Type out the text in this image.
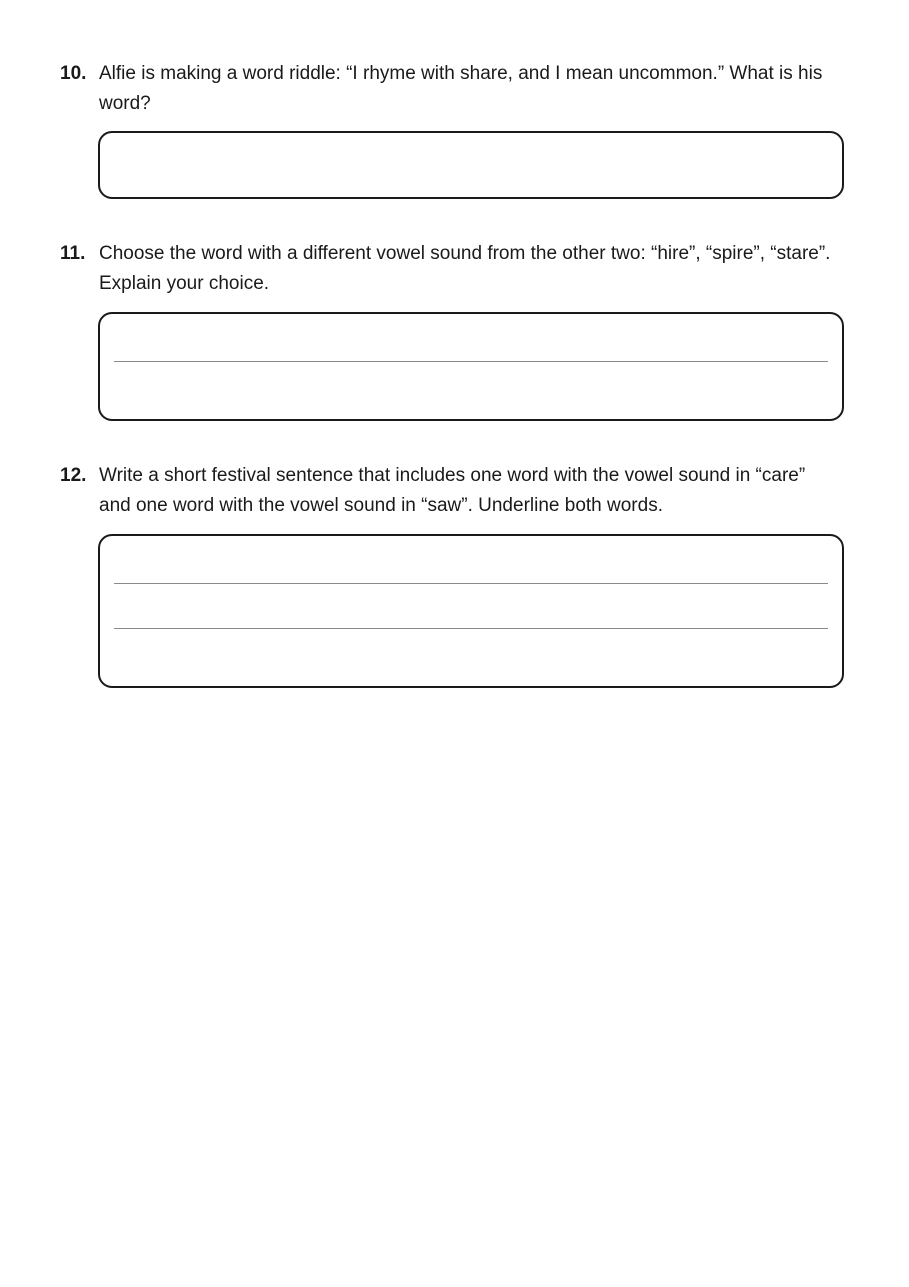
10. Alfie is making a word riddle: “I rhyme with share, and I mean uncommon.” What is his word?
11. Choose the word with a different vowel sound from the other two: “hire”, “spire”, “stare”. Explain your choice.
12. Write a short festival sentence that includes one word with the vowel sound in “care” and one word with the vowel sound in “saw”. Underline both words.
